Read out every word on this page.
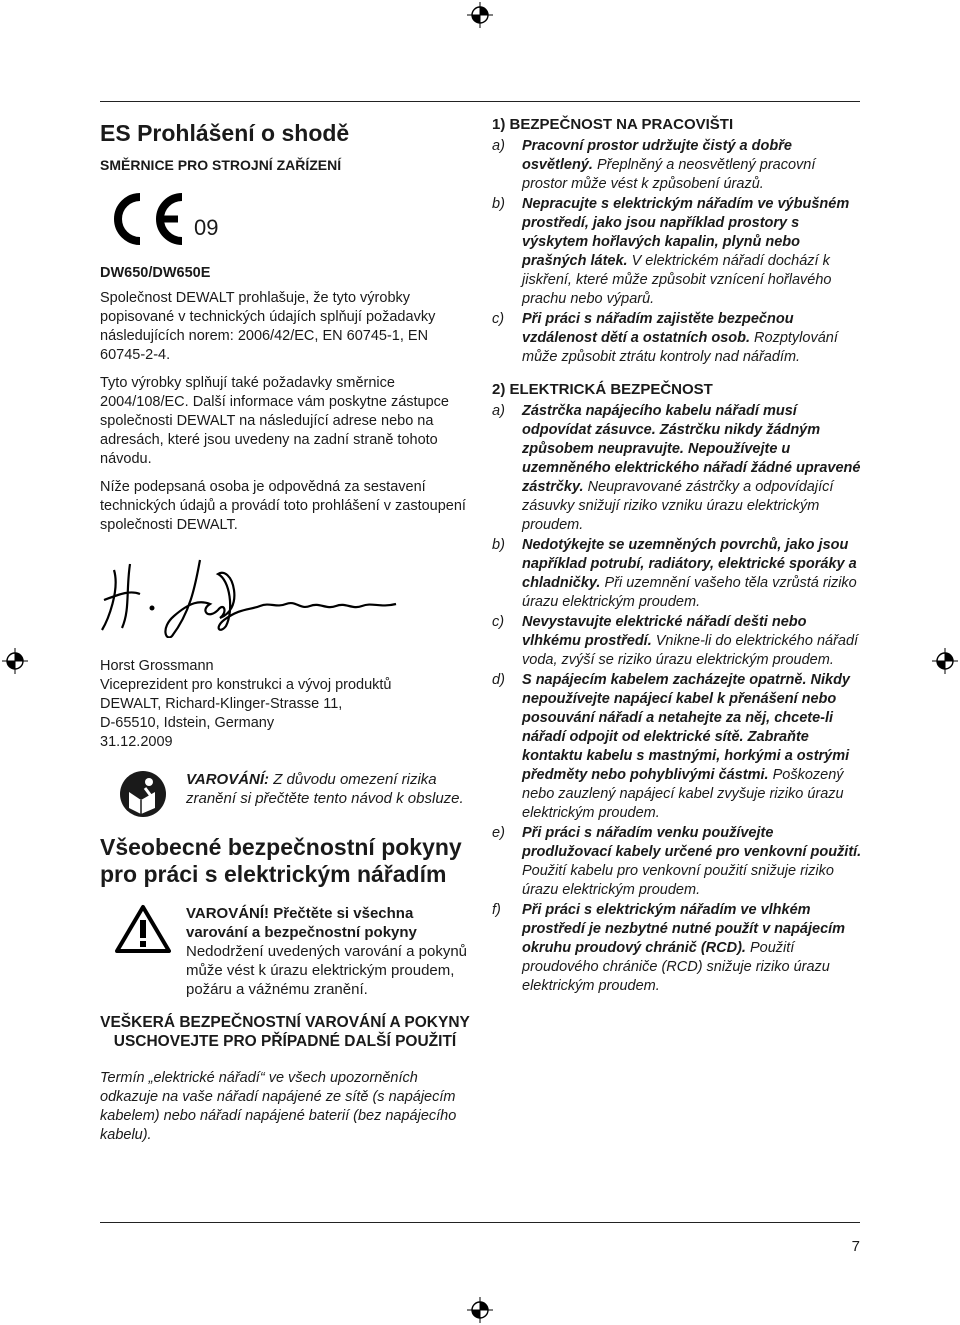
ES Prohlášení o shodě
SMĚRNICE PRO STROJNÍ ZAŘÍZENÍ
09
DW650/DW650E

Společnost DEWALT prohlašuje, že tyto výrobky popisované v technických údajích splňují požadavky následujících norem: 2006/42/EC, EN 60745-1, EN 60745-2-4.

Tyto výrobky splňují také požadavky směrnice 2004/108/EC. Další informace vám poskytne zástupce společnosti DEWALT na následující adrese nebo na adresách, které jsou uvedeny na zadní straně tohoto návodu.

Níže podepsaná osoba je odpovědná za sestavení technických údajů a provádí toto prohlášení v zastoupení společnosti DEWALT.

Horst Grossmann
Viceprezident pro konstrukci a vývoj produktů
DEWALT, Richard-Klinger-Strasse 11,
D-65510, Idstein, Germany
31.12.2009
VAROVÁNÍ: Z důvodu omezení rizika zranění si přečtěte tento návod k obsluze.
Všeobecné bezpečnostní pokyny pro práci s elektrickým nářadím
VAROVÁNÍ! Přečtěte si všechna varování a bezpečnostní pokyny Nedodržení uvedených varování a pokynů může vést k úrazu elektrickým proudem, požáru a vážnému zranění.
VEŠKERÁ BEZPEČNOSTNÍ VAROVÁNÍ A POKYNY USCHOVEJTE PRO PŘÍPADNÉ DALŠÍ POUŽITÍ
Termín „elektrické nářadí“ ve všech upozorněních odkazuje na vaše nářadí napájené ze sítě (s napájecím kabelem) nebo nářadí napájené baterií (bez napájecího kabelu).
1) BEZPEČNOST NA PRACOVIŠTI
a)	Pracovní prostor udržujte čistý a dobře osvětlený. Přeplněný a neosvětlený pracovní prostor může vést k způsobení úrazů.
b)	Nepracujte s elektrickým nářadím ve výbušném prostředí, jako jsou například prostory s výskytem hořlavých kapalin, plynů nebo prašných látek. V elektrickém nářadí dochází k jiskření, které může způsobit vznícení hořlavého prachu nebo výparů.
c)	Při práci s nářadím zajistěte bezpečnou vzdálenost dětí a ostatních osob. Rozptylování může způsobit ztrátu kontroly nad nářadím.
2) ELEKTRICKÁ BEZPEČNOST
a)	Zástrčka napájecího kabelu nářadí musí odpovídat zásuvce. Zástrčku nikdy žádným způsobem neupravujte. Nepoužívejte u uzemněného elektrického nářadí žádné upravené zástrčky. Neupravované zástrčky a odpovídající zásuvky snižují riziko vzniku úrazu elektrickým proudem.
b)	Nedotýkejte se uzemněných povrchů, jako jsou například potrubí, radiátory, elektrické sporáky a chladničky. Při uzemnění vašeho těla vzrůstá riziko úrazu elektrickým proudem.
c)	Nevystavujte elektrické nářadí dešti nebo vlhkému prostředí. Vnikne-li do elektrického nářadí voda, zvýší se riziko úrazu elektrickým proudem.
d)	S napájecím kabelem zacházejte opatrně. Nikdy nepoužívejte napájecí kabel k přenášení nebo posouvání nářadí a netahejte za něj, chcete-li nářadí odpojit od elektrické sítě. Zabraňte kontaktu kabelu s mastnými, horkými a ostrými předměty nebo pohyblivými částmi. Poškozený nebo zauzlený napájecí kabel zvyšuje riziko úrazu elektrickým proudem.
e)	Při práci s nářadím venku používejte prodlužovací kabely určené pro venkovní použití. Použití kabelu pro venkovní použití snižuje riziko úrazu elektrickým proudem.
f)	Při práci s elektrickým nářadím ve vlhkém prostředí je nezbytné nutné použít v napájecím okruhu proudový chránič (RCD). Použití proudového chrániče (RCD) snižuje riziko úrazu elektrickým proudem.
7
